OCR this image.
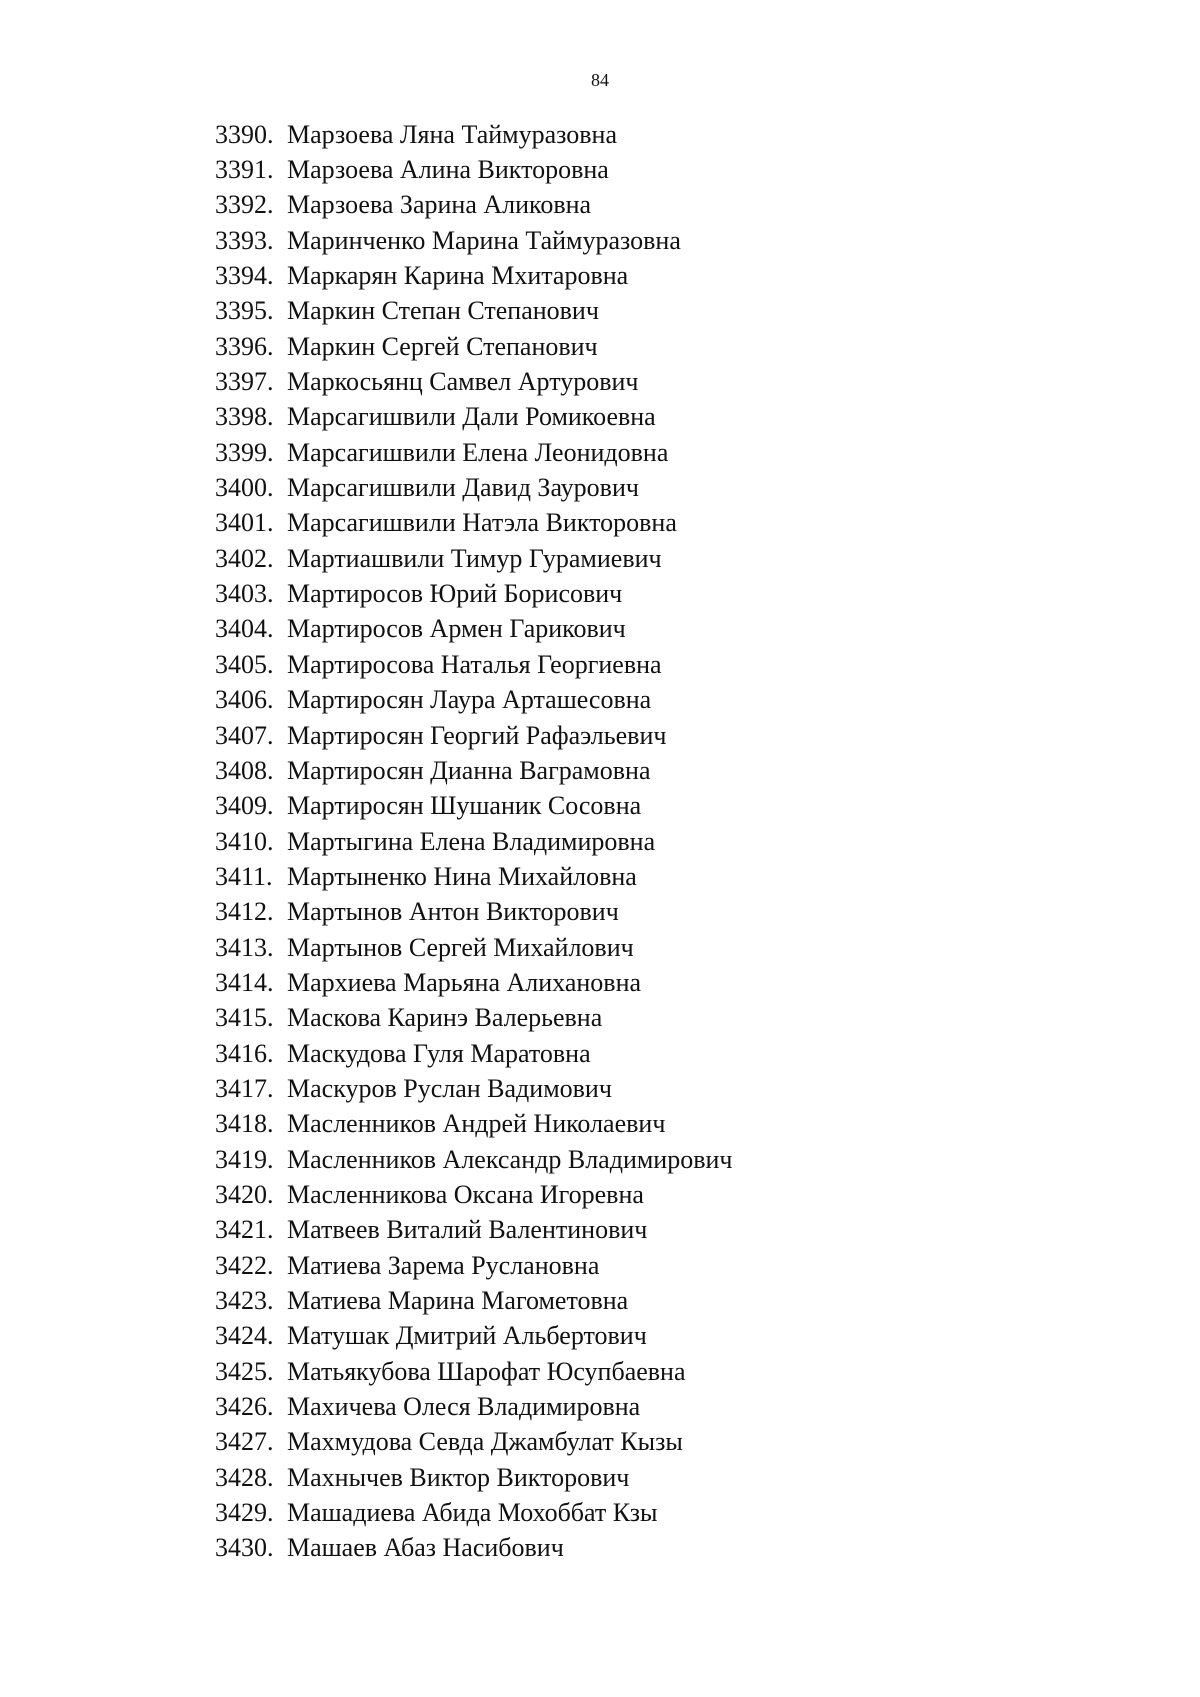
84
3390. Марзоева Ляна Таймуразовна
3391. Марзоева Алина Викторовна
3392. Марзоева Зарина Аликовна
3393. Маринченко Марина Таймуразовна
3394. Маркарян Карина Мхитаровна
3395. Маркин Степан Степанович
3396. Маркин Сергей Степанович
3397. Маркосьянц Самвел Артурович
3398. Марсагишвили Дали Ромикоевна
3399. Марсагишвили Елена Леонидовна
3400. Марсагишвили Давид Заурович
3401. Марсагишвили Натэла Викторовна
3402. Мартиашвили Тимур Гурамиевич
3403. Мартиросов Юрий Борисович
3404. Мартиросов Армен Гарикович
3405. Мартиросова Наталья Георгиевна
3406. Мартиросян Лаура Арташесовна
3407. Мартиросян Георгий Рафаэльевич
3408. Мартиросян Дианна Ваграмовна
3409. Мартиросян Шушаник Сосовна
3410. Мартыгина Елена Владимировна
3411. Мартыненко Нина Михайловна
3412. Мартынов Антон Викторович
3413. Мартынов Сергей Михайлович
3414. Мархиева Марьяна Алихановна
3415. Маскова Каринэ Валерьевна
3416. Маскудова Гуля Маратовна
3417. Маскуров Руслан Вадимович
3418. Масленников Андрей Николаевич
3419. Масленников Александр Владимирович
3420. Масленникова Оксана Игоревна
3421. Матвеев Виталий Валентинович
3422. Матиева Зарема Руслановна
3423. Матиева Марина Магометовна
3424. Матушак Дмитрий Альбертович
3425. Матьякубова Шарофат Юсупбаевна
3426. Махичева Олеся Владимировна
3427. Махмудова Севда Джамбулат Кызы
3428. Махнычев Виктор Викторович
3429. Машадиева Абида Мохоббат Кзы
3430. Машаев Абаз Насибович
